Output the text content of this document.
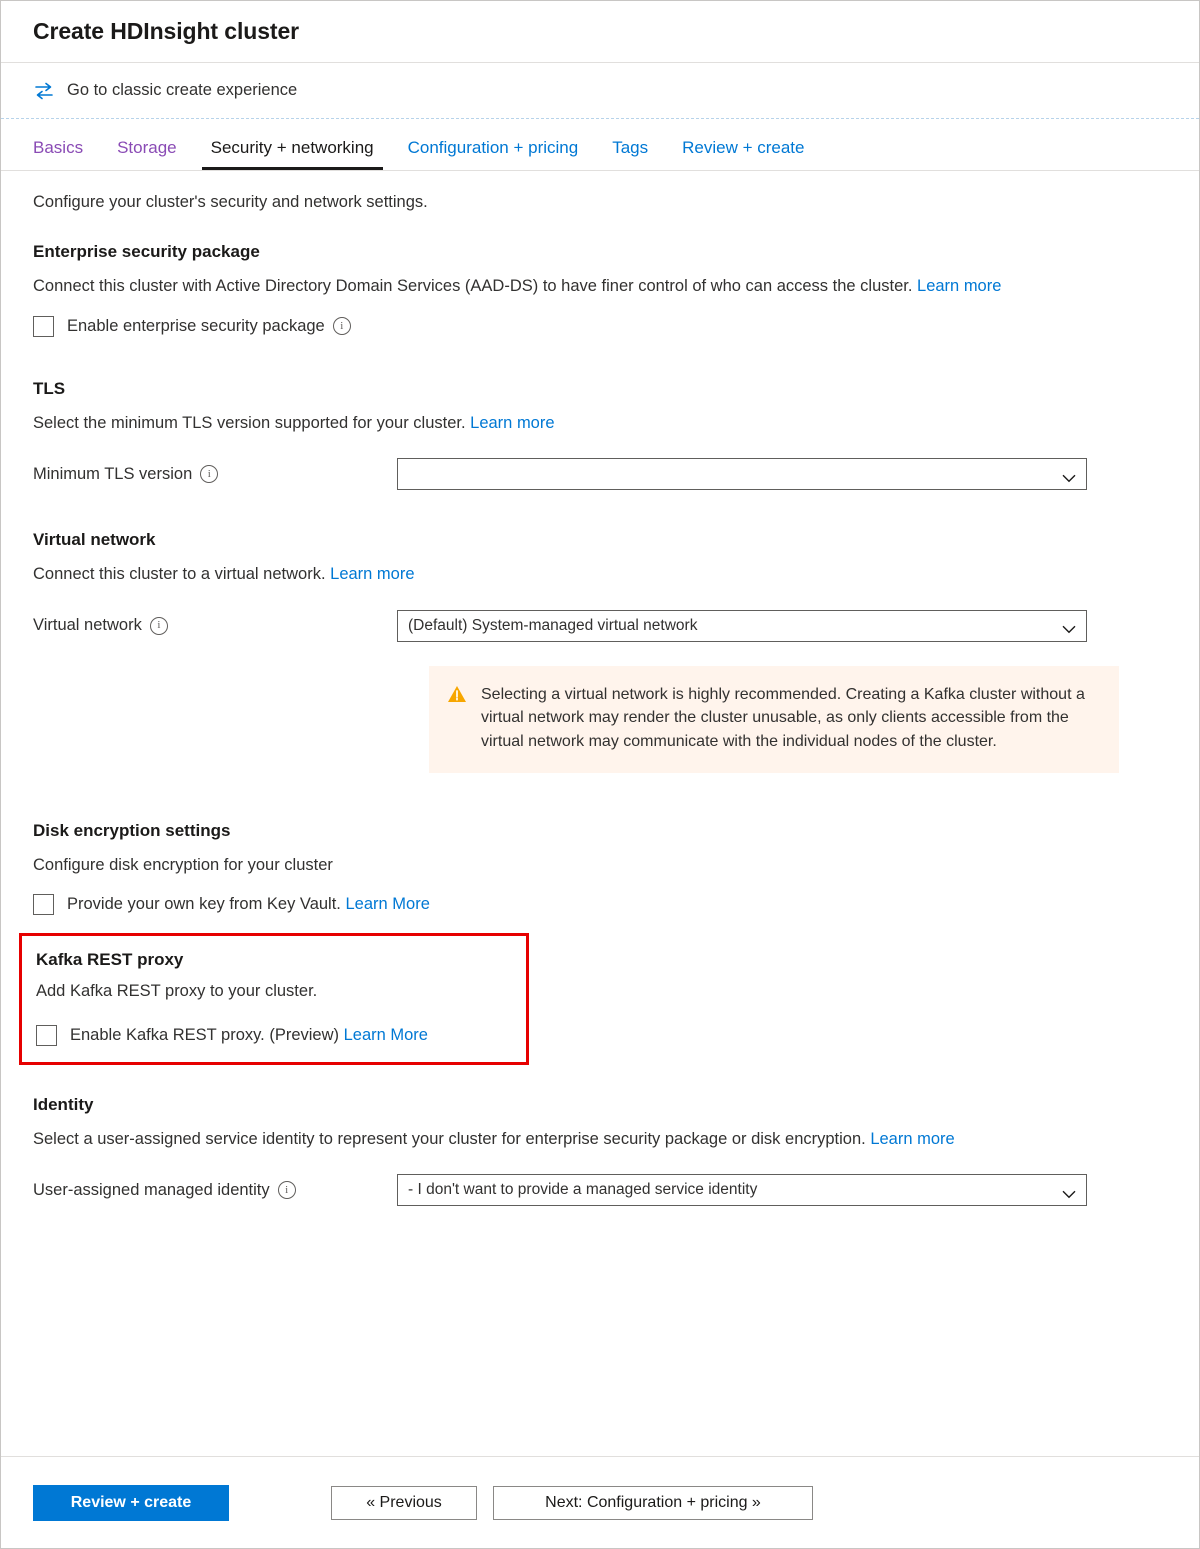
Create HDInsight cluster
Go to classic create experience
Basics	Storage	Security + networking	Configuration + pricing	Tags	Review + create

Configure your cluster's security and network settings.

Enterprise security package

Connect this cluster with Active Directory Domain Services (AAD-DS) to have finer control of who can access the cluster. Learn more

Enable enterprise security package	i
TLS

Select the minimum TLS version supported for your cluster. Learn more

Minimum TLS version	i
Virtual network

Connect this cluster to a virtual network. Learn more

Virtual network	i	(Default) System-managed virtual network

Selecting a virtual network is highly recommended. Creating a Kafka cluster without a virtual network may render the cluster unusable, as only clients accessible from the virtual network may communicate with the individual nodes of the cluster.

Disk encryption settings

Configure disk encryption for your cluster

Provide your own key from Key Vault. Learn More
Kafka REST proxy

Add Kafka REST proxy to your cluster.

Enable Kafka REST proxy. (Preview) Learn More
Identity

Select a user-assigned service identity to represent your cluster for enterprise security package or disk encryption. Learn more

User-assigned managed identity	i	- I don't want to provide a managed service identity
Review + create	« Previous	Next: Configuration + pricing »
